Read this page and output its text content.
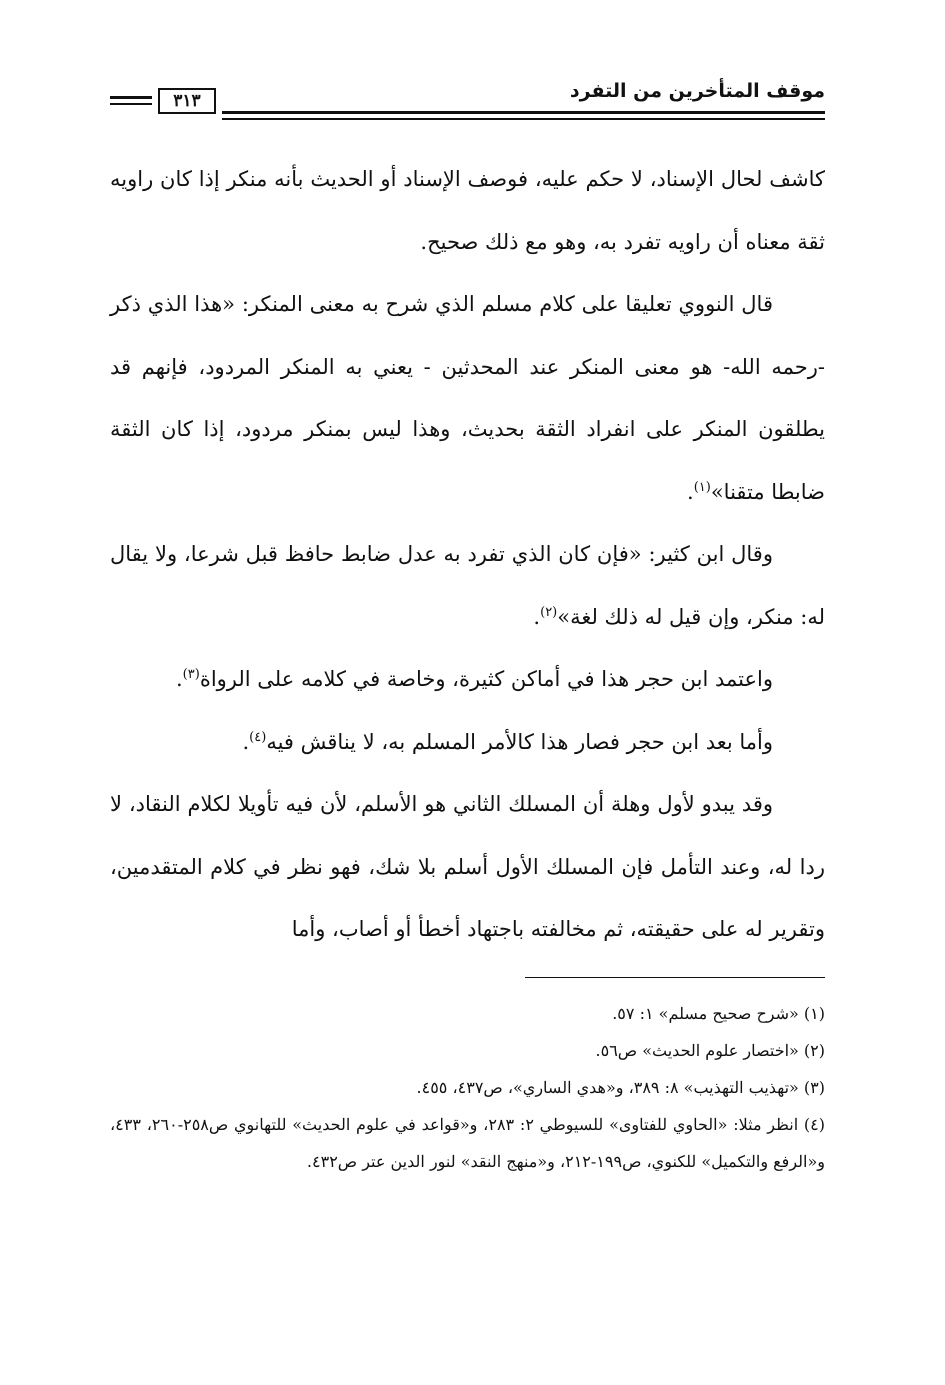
٣١٣	موقف المتأخرين من التفرد

كاشف لحال الإسناد، لا حكم عليه، فوصف الإسناد أو الحديث بأنه منكر إذا كان راويه ثقة معناه أن راويه تفرد به، وهو مع ذلك صحيح.

قال النووي تعليقا على كلام مسلم الذي شرح به معنى المنكر: «هذا الذي ذكر -رحمه الله- هو معنى المنكر عند المحدثين - يعني به المنكر المردود، فإنهم قد يطلقون المنكر على انفراد الثقة بحديث، وهذا ليس بمنكر مردود، إذا كان الثقة ضابطا متقنا»$^{(١)}$.

وقال ابن كثير: «فإن كان الذي تفرد به عدل ضابط حافظ قبل شرعا، ولا يقال له: منكر، وإن قيل له ذلك لغة»$^{(٢)}$.

واعتمد ابن حجر هذا في أماكن كثيرة، وخاصة في كلامه على الرواة$^{(٣)}$.

وأما بعد ابن حجر فصار هذا كالأمر المسلم به، لا يناقش فيه$^{(٤)}$.

وقد يبدو لأول وهلة أن المسلك الثاني هو الأسلم، لأن فيه تأويلا لكلام النقاد، لا ردا له، وعند التأمل فإن المسلك الأول أسلم بلا شك، فهو نظر في كلام المتقدمين، وتقرير له على حقيقته، ثم مخالفته باجتهاد أخطأ أو أصاب، وأما

(١) «شرح صحيح مسلم» ١: ٥٧.

(٢) «اختصار علوم الحديث» ص٥٦.

(٣) «تهذيب التهذيب» ٨: ٣٨٩، و«هدي الساري»، ص٤٣٧، ٤٥٥.

(٤) انظر مثلا: «الحاوي للفتاوى» للسيوطي ٢: ٢٨٣، و«قواعد في علوم الحديث» للتهانوي ص٢٥٨-٢٦٠، ٤٣٣، و«الرفع والتكميل» للكنوي، ص١٩٩-٢١٢، و«منهج النقد» لنور الدين عتر ص٤٣٢.
